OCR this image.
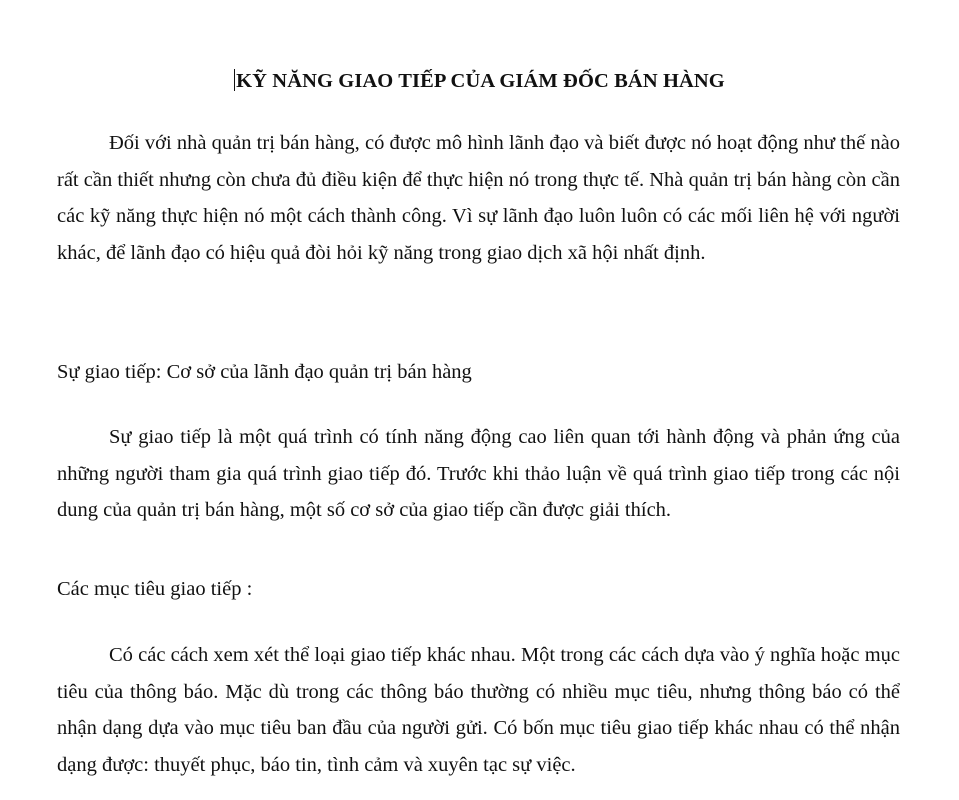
KỸ NĂNG GIAO TIẾP CỦA GIÁM ĐỐC BÁN HÀNG

Đối với nhà quản trị bán hàng, có được mô hình lãnh đạo và biết được nó hoạt động như thế nào rất cần thiết nhưng còn chưa đủ điều kiện để thực hiện nó trong thực tế. Nhà quản trị bán hàng còn cần các kỹ năng thực hiện nó một cách thành công. Vì sự lãnh đạo luôn luôn có các mối liên hệ với người khác, để lãnh đạo có hiệu quả đòi hỏi kỹ năng trong giao dịch xã hội nhất định.

Sự giao tiếp: Cơ sở của lãnh đạo quản trị bán hàng

Sự giao tiếp là một quá trình có tính năng động cao liên quan tới hành động và phản ứng của những người tham gia quá trình giao tiếp đó. Trước khi thảo luận về quá trình giao tiếp trong các nội dung của quản trị bán hàng, một số cơ sở của giao tiếp cần được giải thích.

Các mục tiêu giao tiếp :

Có các cách xem xét thể loại giao tiếp khác nhau. Một trong các cách dựa vào ý nghĩa hoặc mục tiêu của thông báo. Mặc dù trong các thông báo thường có nhiều mục tiêu, nhưng thông báo có thể nhận dạng dựa vào mục tiêu ban đầu của người gửi. Có bốn mục tiêu giao tiếp khác nhau có thể nhận dạng được: thuyết phục, báo tin, tình cảm và xuyên tạc sự việc.
